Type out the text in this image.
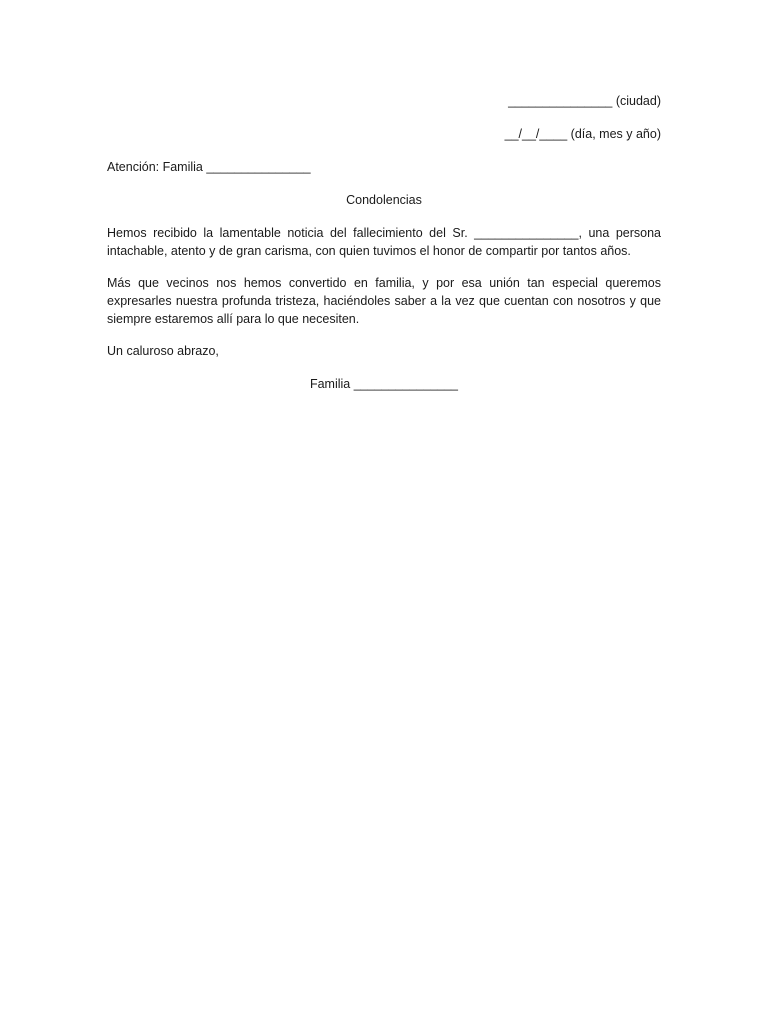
_______________ (ciudad)
__/__/____ (día, mes y año)
Atención: Familia _______________
Condolencias
Hemos recibido la lamentable noticia del fallecimiento del Sr. _______________, una persona
intachable, atento y de gran carisma, con quien tuvimos el honor de compartir por tantos años.
Más que vecinos nos hemos convertido en familia, y por esa unión tan especial queremos
expresarles nuestra profunda tristeza, haciéndoles saber a la vez que cuentan con nosotros y que
siempre estaremos allí para lo que necesiten.
Un caluroso abrazo,
Familia _______________
